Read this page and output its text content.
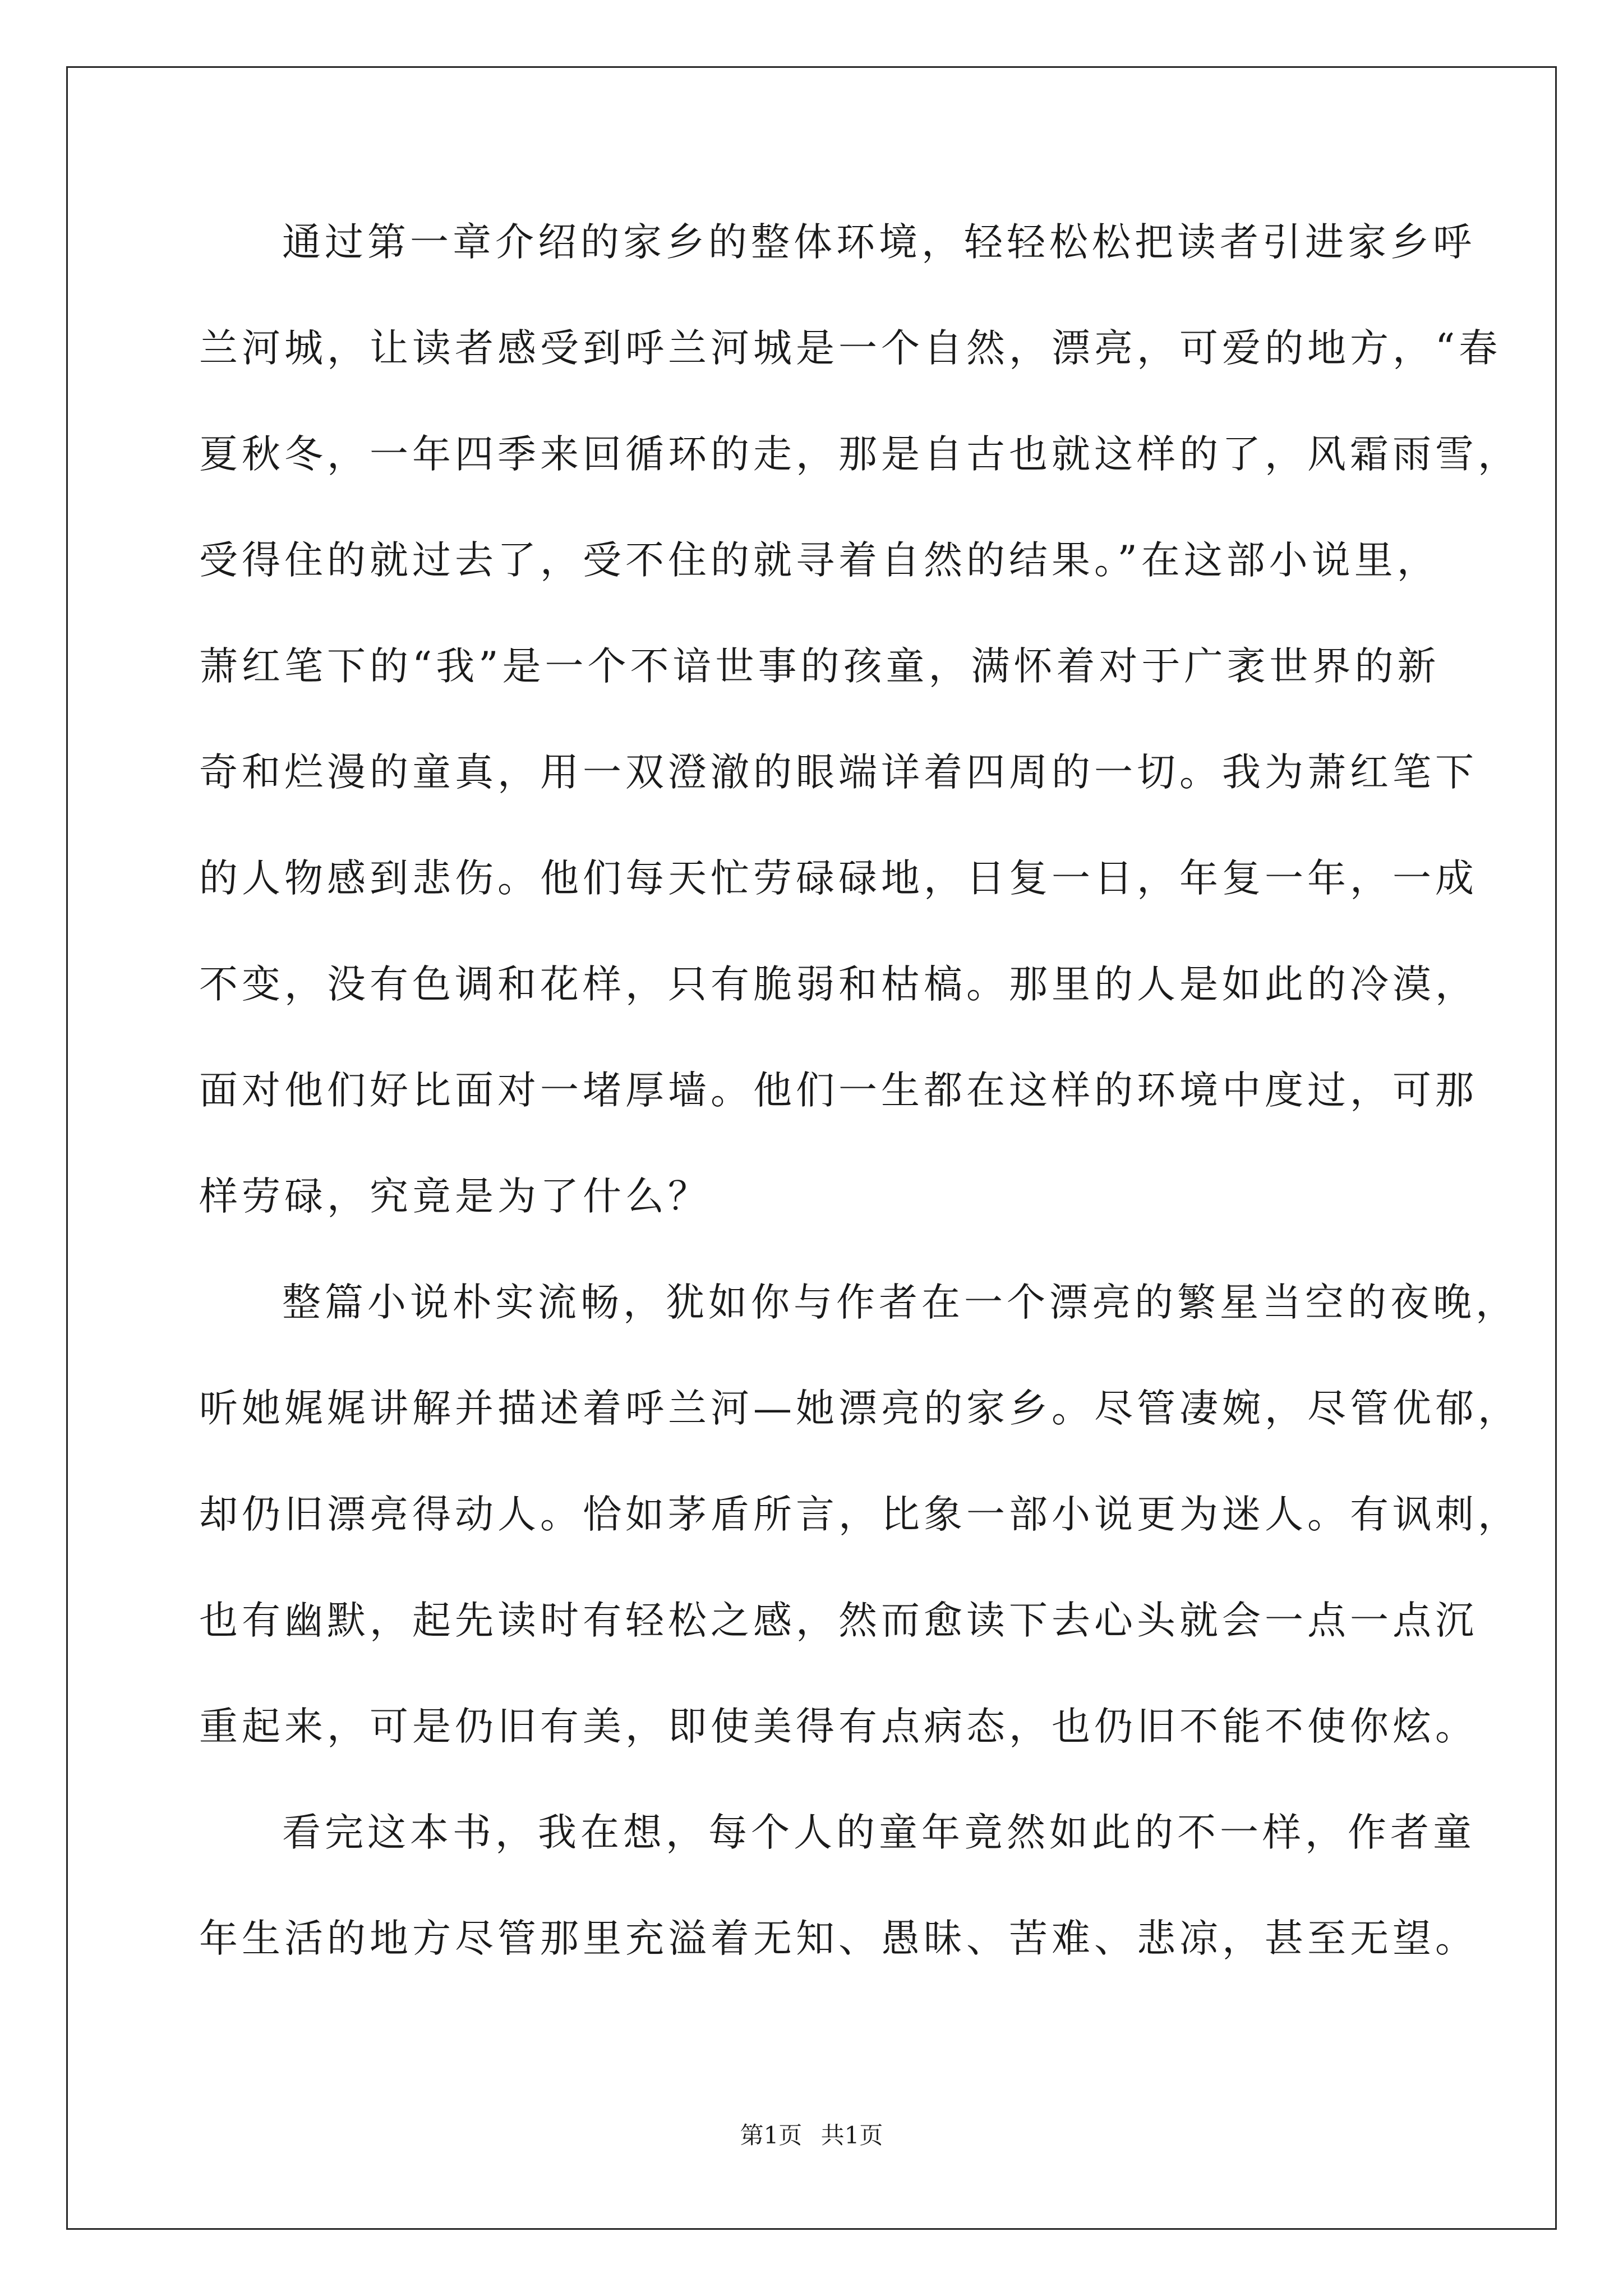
通过第一章介绍的家乡的整体环境，轻轻松松把读者引进家乡呼
兰河城，让读者感受到呼兰河城是一个自然，漂亮，可爱的地方，“春
夏秋冬，一年四季来回循环的走，那是自古也就这样的了，风霜雨雪，
受得住的就过去了，受不住的就寻着自然的结果。”在这部小说里，
萧红笔下的“我”是一个不谙世事的孩童，满怀着对于广袤世界的新
奇和烂漫的童真，用一双澄澈的眼端详着四周的一切。我为萧红笔下
的人物感到悲伤。他们每天忙劳碌碌地，日复一日，年复一年，一成
不变，没有色调和花样，只有脆弱和枯槁。那里的人是如此的冷漠，
面对他们好比面对一堵厚墙。他们一生都在这样的环境中度过，可那
样劳碌，究竟是为了什么？
整篇小说朴实流畅，犹如你与作者在一个漂亮的繁星当空的夜晚，
听她娓娓讲解并描述着呼兰河—她漂亮的家乡。尽管凄婉，尽管优郁，
却仍旧漂亮得动人。恰如茅盾所言，比象一部小说更为迷人。有讽刺，
也有幽默，起先读时有轻松之感，然而愈读下去心头就会一点一点沉
重起来，可是仍旧有美，即使美得有点病态，也仍旧不能不使你炫。
看完这本书，我在想，每个人的童年竟然如此的不一样，作者童
年生活的地方尽管那里充溢着无知、愚昧、苦难、悲凉，甚至无望。
第1页 共1页
